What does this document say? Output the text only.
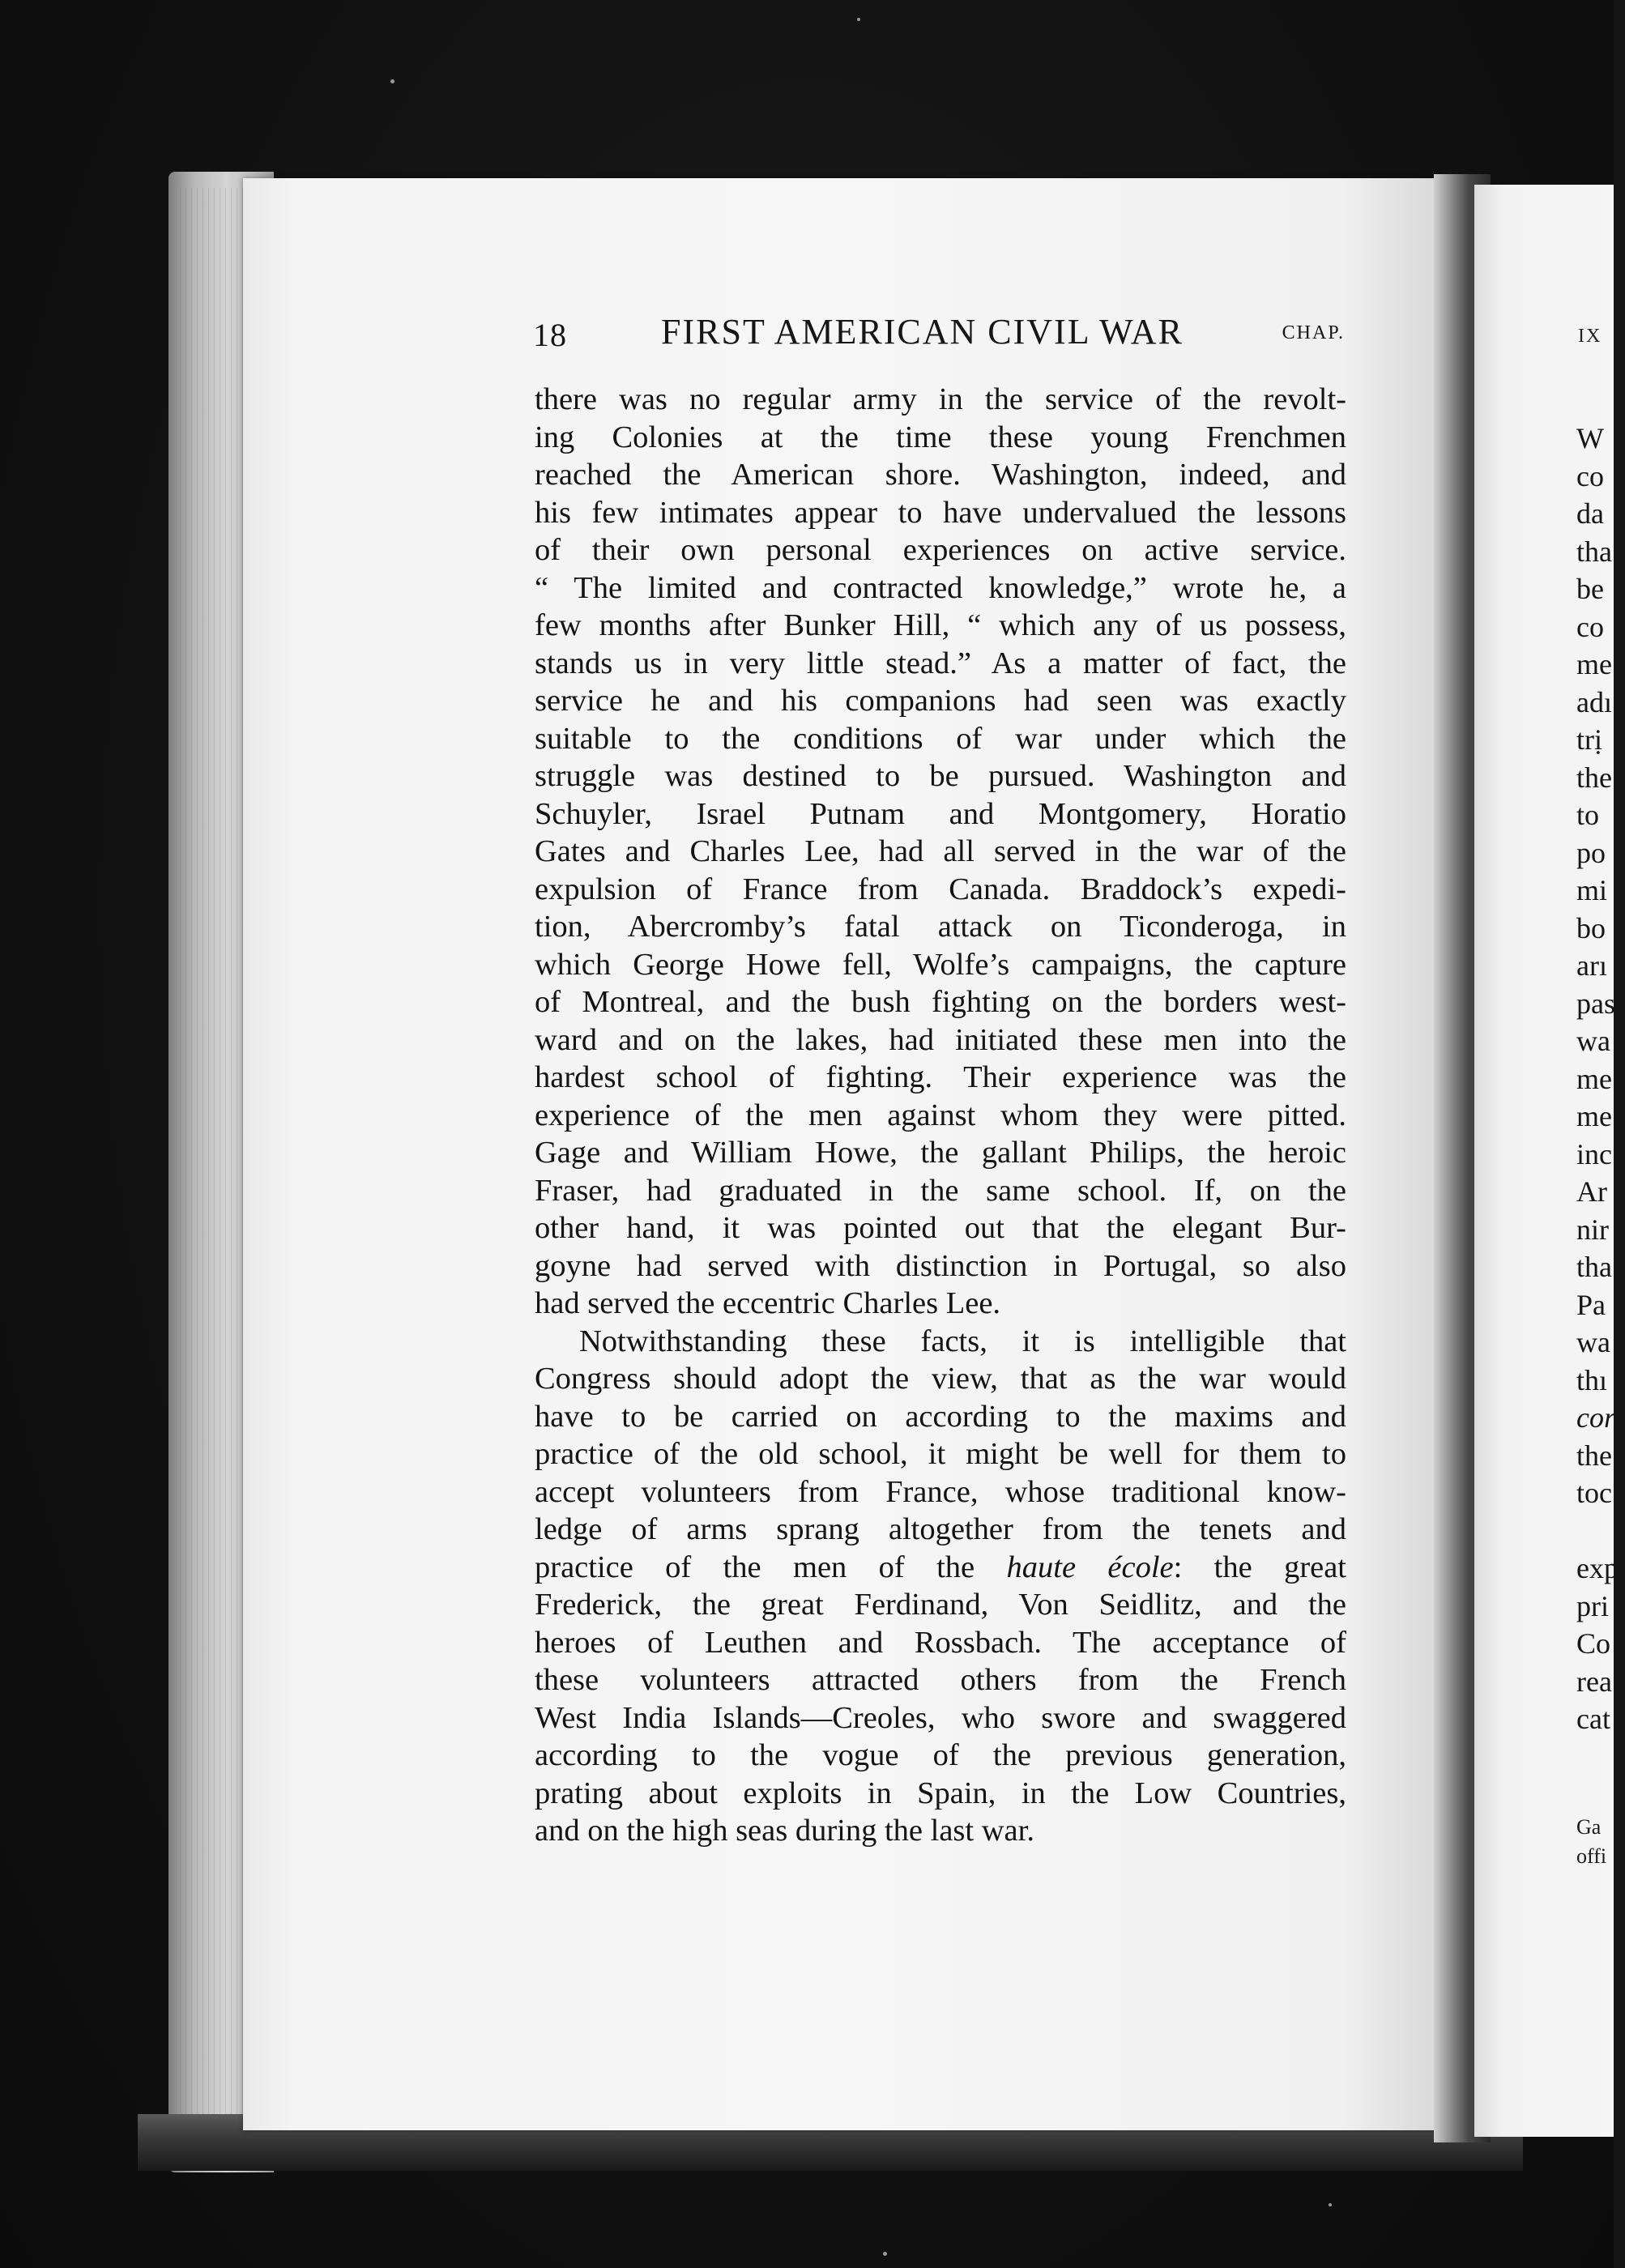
18	FIRST AMERICAN CIVIL WAR	CHAP.
there was no regular army in the service of the revolt-
ing Colonies at the time these young Frenchmen
reached the American shore. Washington, indeed, and
his few intimates appear to have undervalued the lessons
of their own personal experiences on active service.
“ The limited and contracted knowledge,” wrote he, a
few months after Bunker Hill, “ which any of us possess,
stands us in very little stead.” As a matter of fact, the
service he and his companions had seen was exactly
suitable to the conditions of war under which the
struggle was destined to be pursued. Washington and
Schuyler, Israel Putnam and Montgomery, Horatio
Gates and Charles Lee, had all served in the war of the
expulsion of France from Canada. Braddock’s expedi-
tion, Abercromby’s fatal attack on Ticonderoga, in
which George Howe fell, Wolfe’s campaigns, the capture
of Montreal, and the bush fighting on the borders west-
ward and on the lakes, had initiated these men into the
hardest school of fighting. Their experience was the
experience of the men against whom they were pitted.
Gage and William Howe, the gallant Philips, the heroic
Fraser, had graduated in the same school. If, on the
other hand, it was pointed out that the elegant Bur-
goyne had served with distinction in Portugal, so also
had served the eccentric Charles Lee.
Notwithstanding these facts, it is intelligible that
Congress should adopt the view, that as the war would
have to be carried on according to the maxims and
practice of the old school, it might be well for them to
accept volunteers from France, whose traditional know-
ledge of arms sprang altogether from the tenets and
practice of the men of the haute école: the great
Frederick, the great Ferdinand, Von Seidlitz, and the
heroes of Leuthen and Rossbach. The acceptance of
these volunteers attracted others from the French
West India Islands—Creoles, who swore and swaggered
according to the vogue of the previous generation,
prating about exploits in Spain, in the Low Countries,
and on the high seas during the last war.
IX
W
co
da
tha
be
co
me
adı
trị
the
to
po
mi
bo
arı
pas
wa
me
me
inc
Ar
nir
tha
Pa
wa
thı
cor
the
toc
exp
pri
Co
rea
cat
Ga
offi
